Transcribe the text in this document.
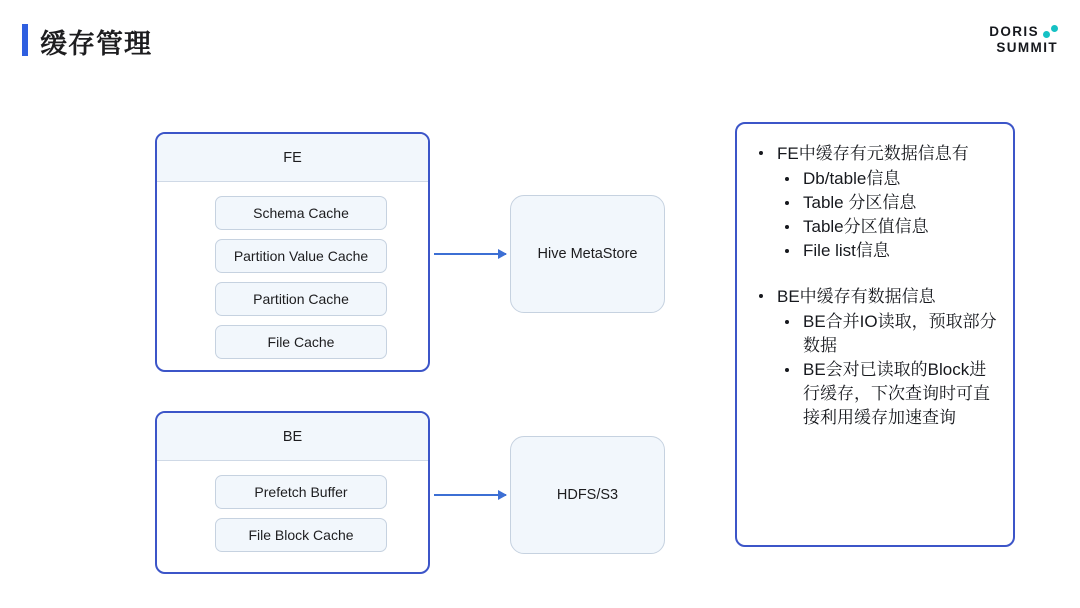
缓存管理	DORIS
SUMMIT
FE
Schema Cache
Partition Value Cache
Partition Cache
File Cache
BE
Prefetch Buffer
File Block Cache
Hive MetaStore
HDFS/S3
FE中缓存有元数据信息有
Db/table信息
Table 分区信息
Table分区值信息
File list信息
BE中缓存有数据信息
BE合并IO读取，预取部分数据
BE会对已读取的Block进行缓存，下次查询时可直接利用缓存加速查询
